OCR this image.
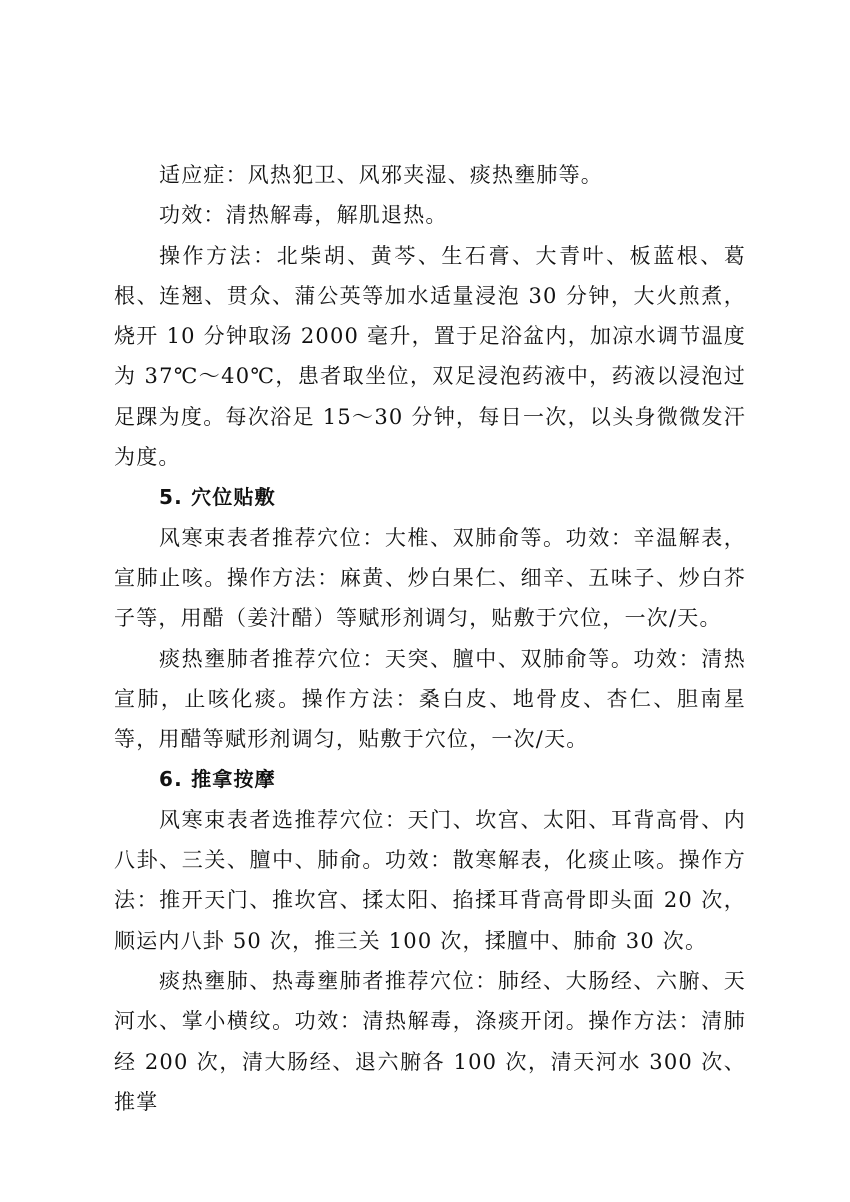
适应症：风热犯卫、风邪夹湿、痰热壅肺等。

功效：清热解毒，解肌退热。

操作方法：北柴胡、黄芩、生石膏、大青叶、板蓝根、葛根、连翘、贯众、蒲公英等加水适量浸泡 30 分钟，大火煎煮，烧开 10 分钟取汤 2000 毫升，置于足浴盆内，加凉水调节温度为 37℃～40℃，患者取坐位，双足浸泡药液中，药液以浸泡过足踝为度。每次浴足 15～30 分钟，每日一次，以头身微微发汗为度。

5. 穴位贴敷

风寒束表者推荐穴位：大椎、双肺俞等。功效：辛温解表，宣肺止咳。操作方法：麻黄、炒白果仁、细辛、五味子、炒白芥子等，用醋（姜汁醋）等赋形剂调匀，贴敷于穴位，一次/天。

痰热壅肺者推荐穴位：天突、膻中、双肺俞等。功效：清热宣肺，止咳化痰。操作方法：桑白皮、地骨皮、杏仁、胆南星等，用醋等赋形剂调匀，贴敷于穴位，一次/天。

6. 推拿按摩

风寒束表者选推荐穴位：天门、坎宫、太阳、耳背高骨、内八卦、三关、膻中、肺俞。功效：散寒解表，化痰止咳。操作方法：推开天门、推坎宫、揉太阳、掐揉耳背高骨即头面 20 次，顺运内八卦 50 次，推三关 100 次，揉膻中、肺俞 30 次。

痰热壅肺、热毒壅肺者推荐穴位：肺经、大肠经、六腑、天河水、掌小横纹。功效：清热解毒，涤痰开闭。操作方法：清肺经 200 次，清大肠经、退六腑各 100 次，清天河水 300 次、推掌
